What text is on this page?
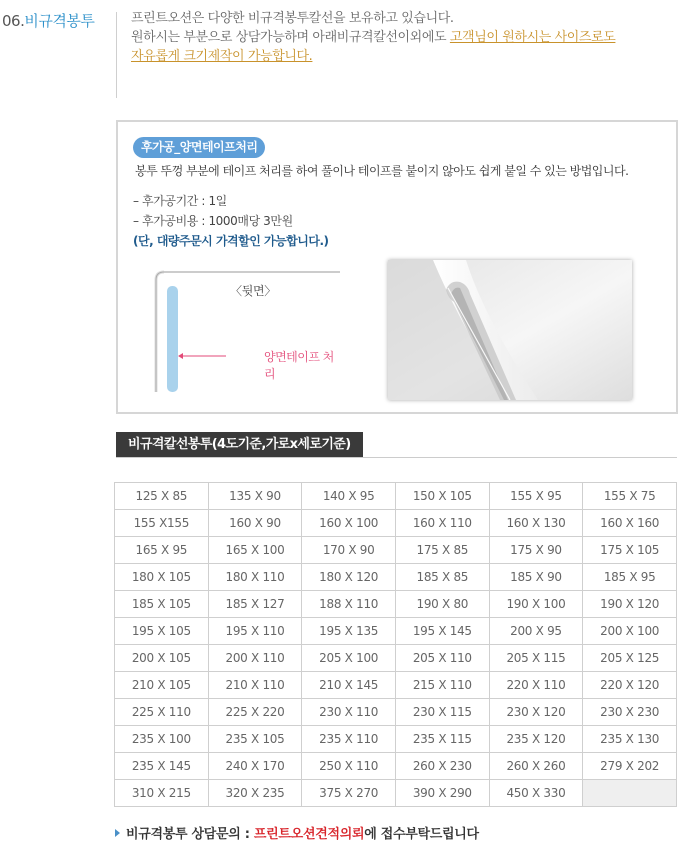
06.비규격봉투	프린트오션은 다양한 비규격봉투칼선을 보유하고 있습니다.
원하시는 부분으로 상담가능하며 아래비규격칼선이외에도 고객님이 원하시는 사이즈로도
자유롭게 크기제작이 가능합니다.
후가공_양면테이프처리
봉투 뚜껑 부분에 테이프 처리를 하여 풀이나 테이프를 붙이지 않아도 쉽게 붙일 수 있는 방법입니다.
– 후가공기간 : 1일
– 후가공비용 : 1000매당 3만원
(단, 대량주문시 가격할인 가능합니다.)
〈뒷면〉
양면테이프 처리
비규격칼선봉투(4도기준,가로x세로기준)
125 X 85	135 X 90	140 X 95	150 X 105	155 X 95	155 X 75
155 X155	160 X 90	160 X 100	160 X 110	160 X 130	160 X 160
165 X 95	165 X 100	170 X 90	175 X 85	175 X 90	175 X 105
180 X 105	180 X 110	180 X 120	185 X 85	185 X 90	185 X 95
185 X 105	185 X 127	188 X 110	190 X 80	190 X 100	190 X 120
195 X 105	195 X 110	195 X 135	195 X 145	200 X 95	200 X 100
200 X 105	200 X 110	205 X 100	205 X 110	205 X 115	205 X 125
210 X 105	210 X 110	210 X 145	215 X 110	220 X 110	220 X 120
225 X 110	225 X 220	230 X 110	230 X 115	230 X 120	230 X 230
235 X 100	235 X 105	235 X 110	235 X 115	235 X 120	235 X 130
235 X 145	240 X 170	250 X 110	260 X 230	260 X 260	279 X 202
310 X 215	320 X 235	375 X 270	390 X 290	450 X 330	
비규격봉투 상담문의 : 프린트오션견적의뢰에 접수부탁드립니다
